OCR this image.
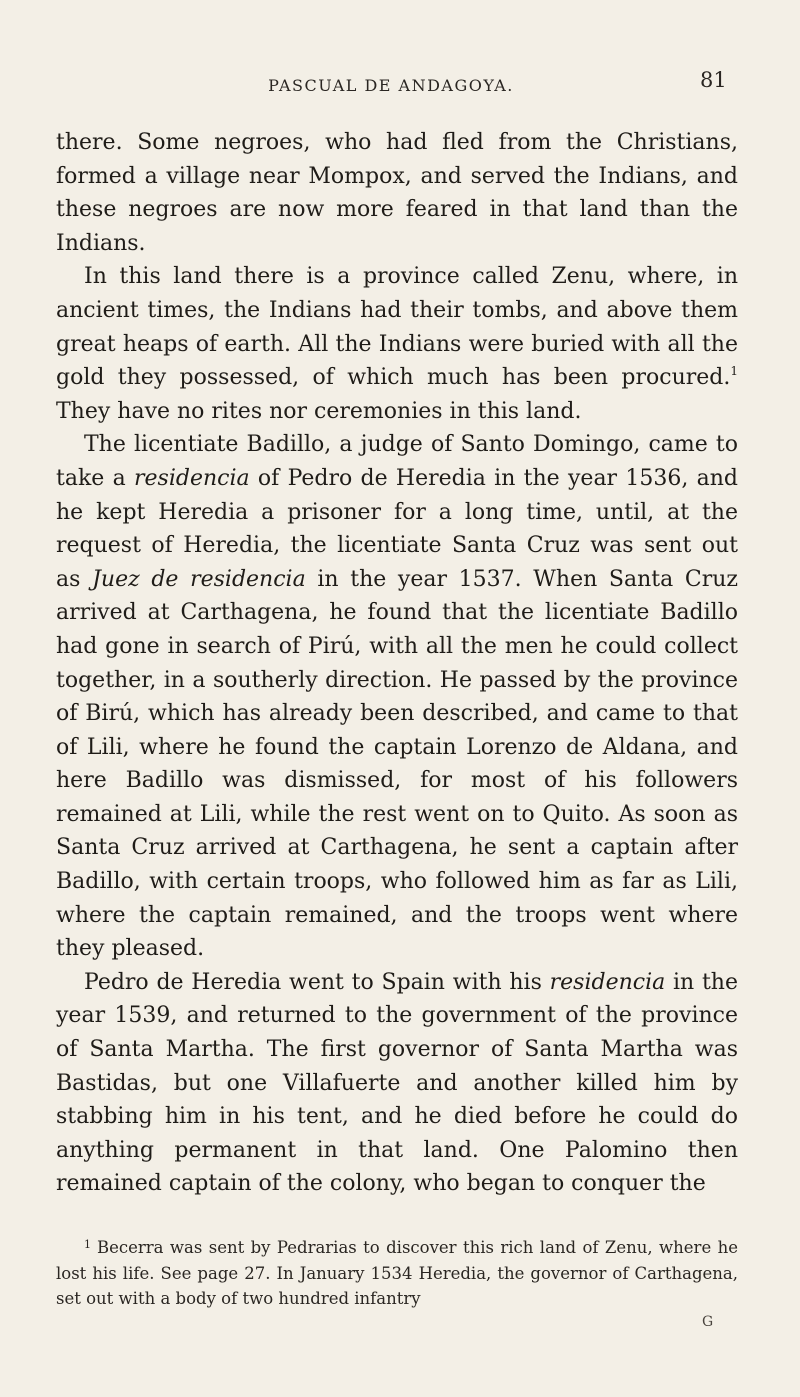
PASCUAL DE ANDAGOYA.	81

there. Some negroes, who had fled from the Christians, formed a village near Mompox, and served the Indians, and these negroes are now more feared in that land than the Indians.

In this land there is a province called Zenu, where, in ancient times, the Indians had their tombs, and above them great heaps of earth. All the Indians were buried with all the gold they possessed, of which much has been procured.$^1$ They have no rites nor ceremonies in this land.

The licentiate Badillo, a judge of Santo Domingo, came to take a residencia of Pedro de Heredia in the year 1536, and he kept Heredia a prisoner for a long time, until, at the request of Heredia, the licentiate Santa Cruz was sent out as Juez de residencia in the year 1537. When Santa Cruz arrived at Carthagena, he found that the licentiate Badillo had gone in search of Pirú, with all the men he could collect together, in a southerly direction. He passed by the province of Birú, which has already been described, and came to that of Lili, where he found the captain Lorenzo de Aldana, and here Badillo was dismissed, for most of his followers remained at Lili, while the rest went on to Quito. As soon as Santa Cruz arrived at Carthagena, he sent a captain after Badillo, with certain troops, who followed him as far as Lili, where the captain remained, and the troops went where they pleased.

Pedro de Heredia went to Spain with his residencia in the year 1539, and returned to the government of the province of Santa Martha. The first governor of Santa Martha was Bastidas, but one Villafuerte and another killed him by stabbing him in his tent, and he died before he could do anything permanent in that land. One Palomino then remained captain of the colony, who began to conquer the

$^1$ Becerra was sent by Pedrarias to discover this rich land of Zenu, where he lost his life. See page 27. In January 1534 Heredia, the governor of Carthagena, set out with a body of two hundred infantry
G
